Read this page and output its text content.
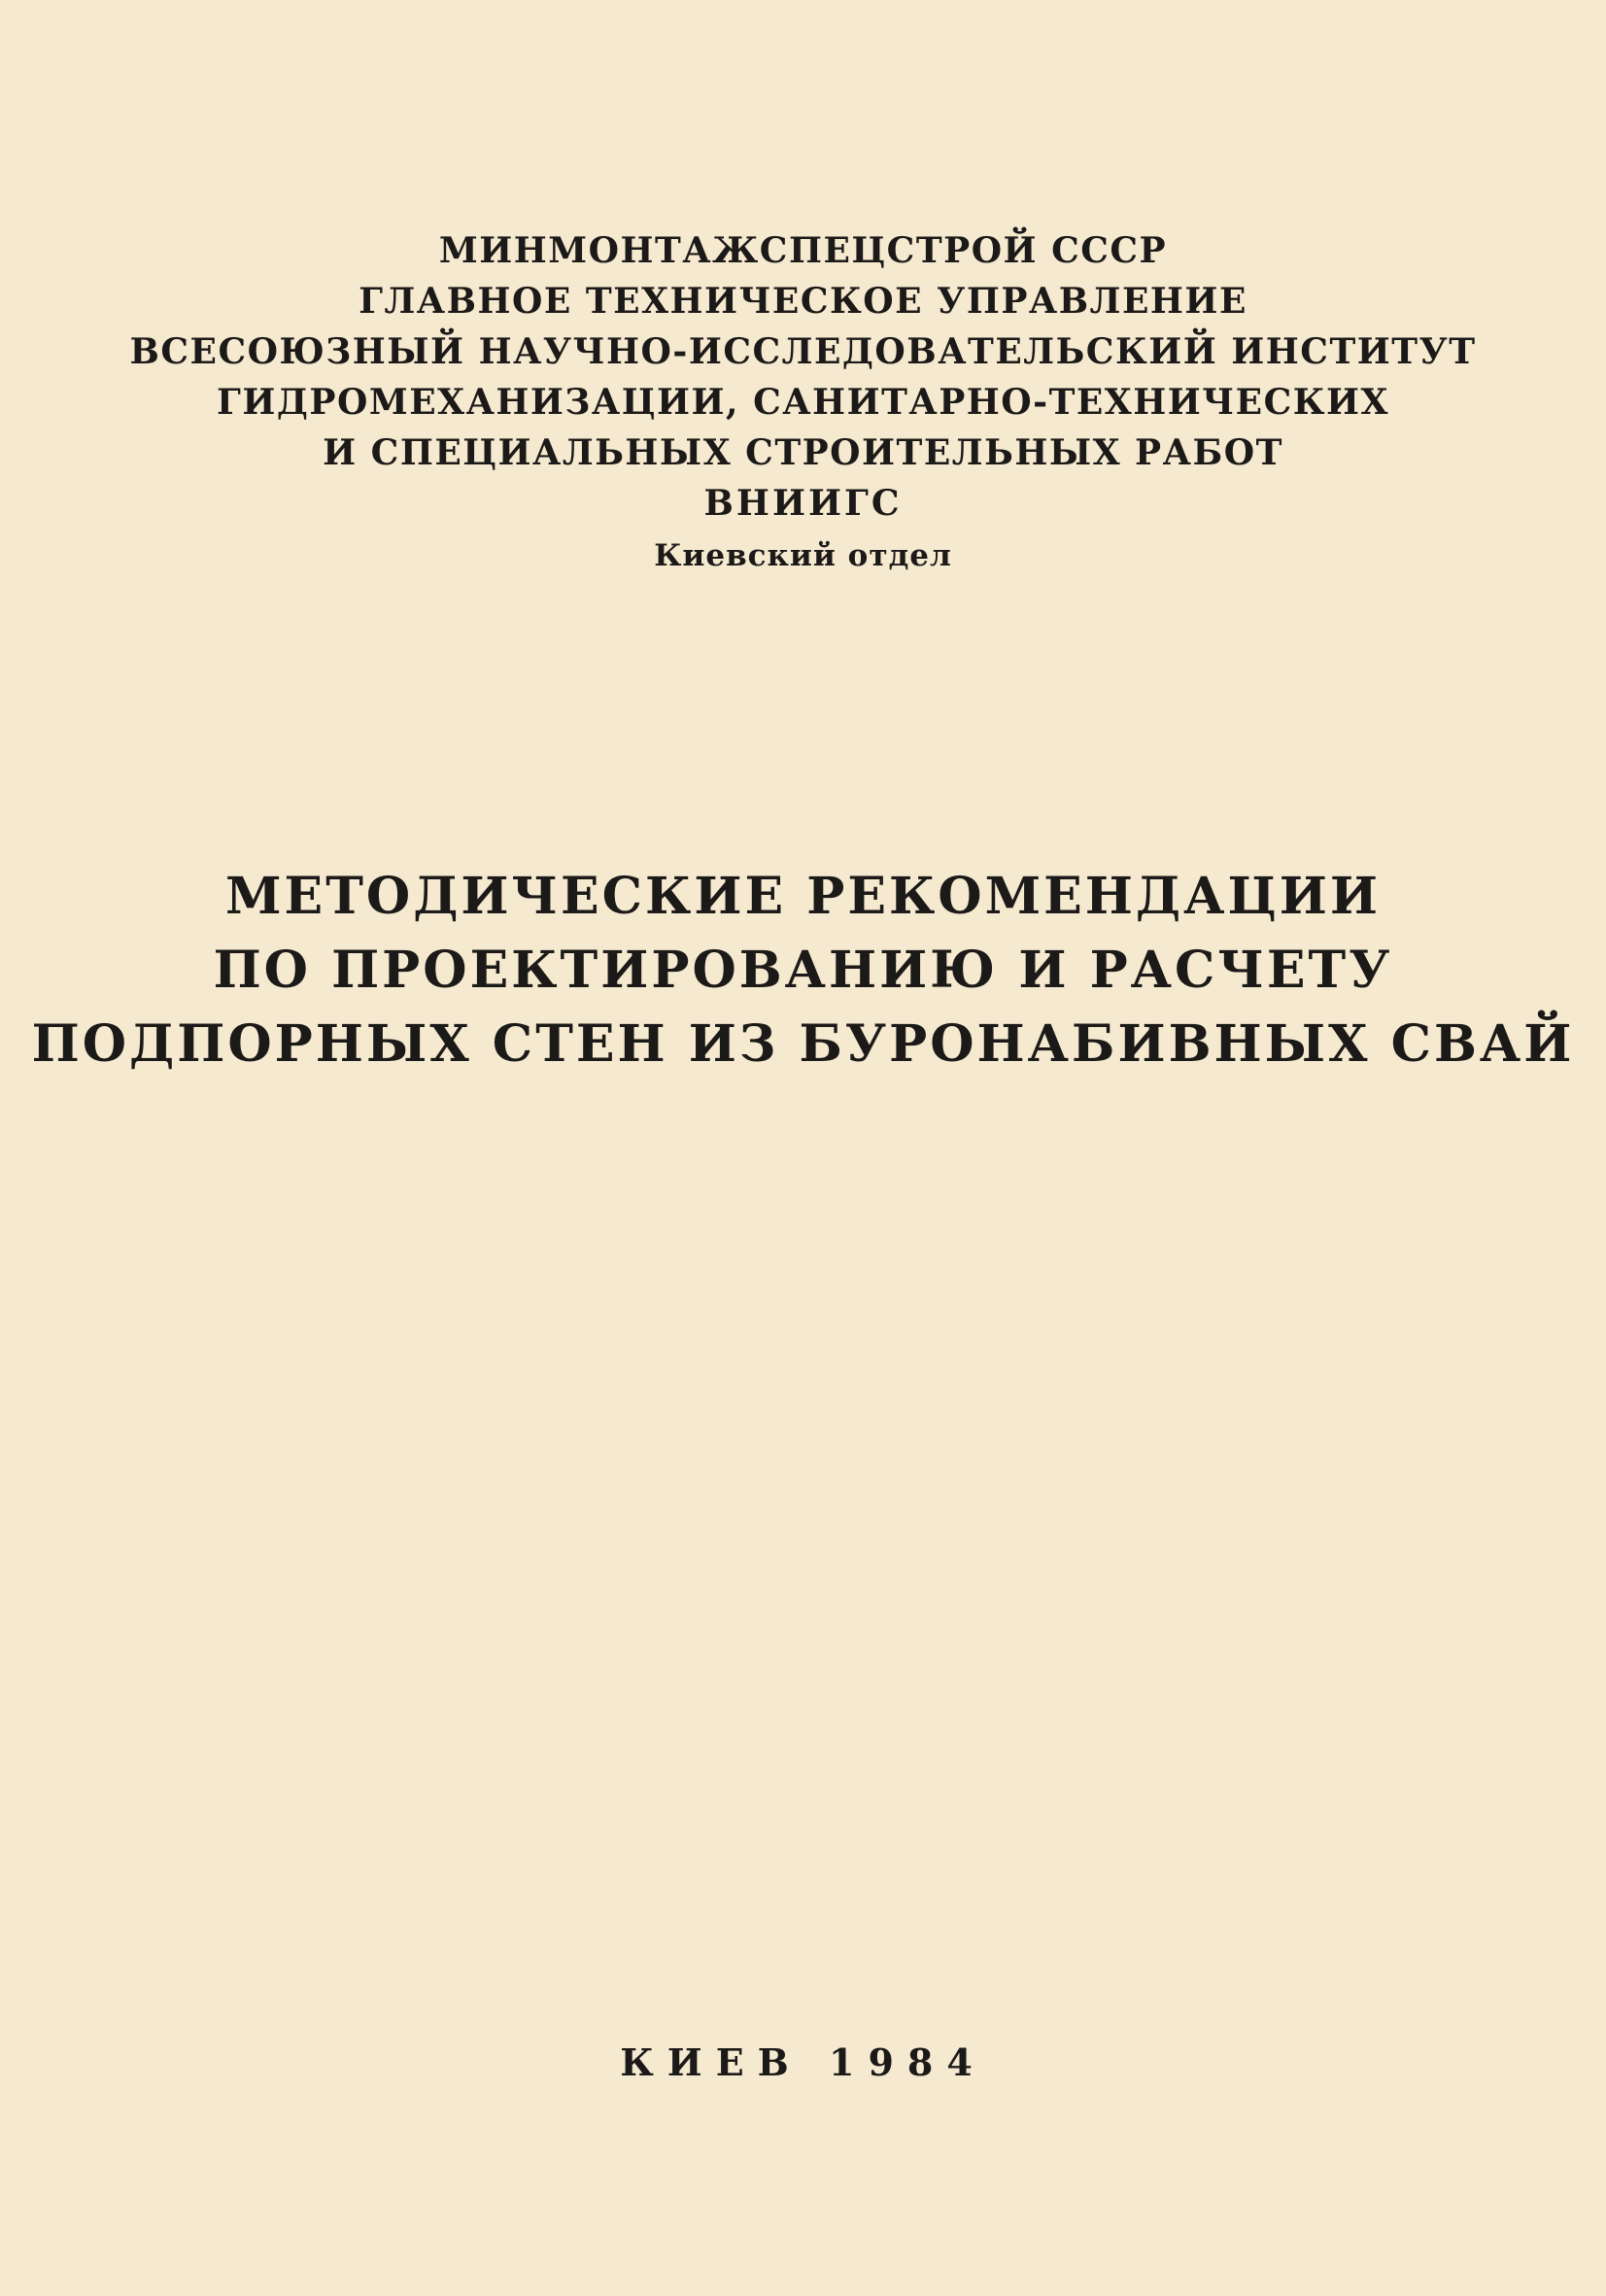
МИНМОНТАЖСПЕЦСТРОЙ СССР
ГЛАВНОЕ ТЕХНИЧЕСКОЕ УПРАВЛЕНИЕ
ВСЕСОЮЗНЫЙ НАУЧНО-ИССЛЕДОВАТЕЛЬСКИЙ ИНСТИТУТ
ГИДРОМЕХАНИЗАЦИИ, САНИТАРНО-ТЕХНИЧЕСКИХ
И СПЕЦИАЛЬНЫХ СТРОИТЕЛЬНЫХ РАБОТ
ВНИИГС
Киевский отдел
МЕТОДИЧЕСКИЕ РЕКОМЕНДАЦИИ
ПО ПРОЕКТИРОВАНИЮ И РАСЧЕТУ
ПОДПОРНЫХ СТЕН ИЗ БУРОНАБИВНЫХ СВАЙ
КИЕВ 1984
